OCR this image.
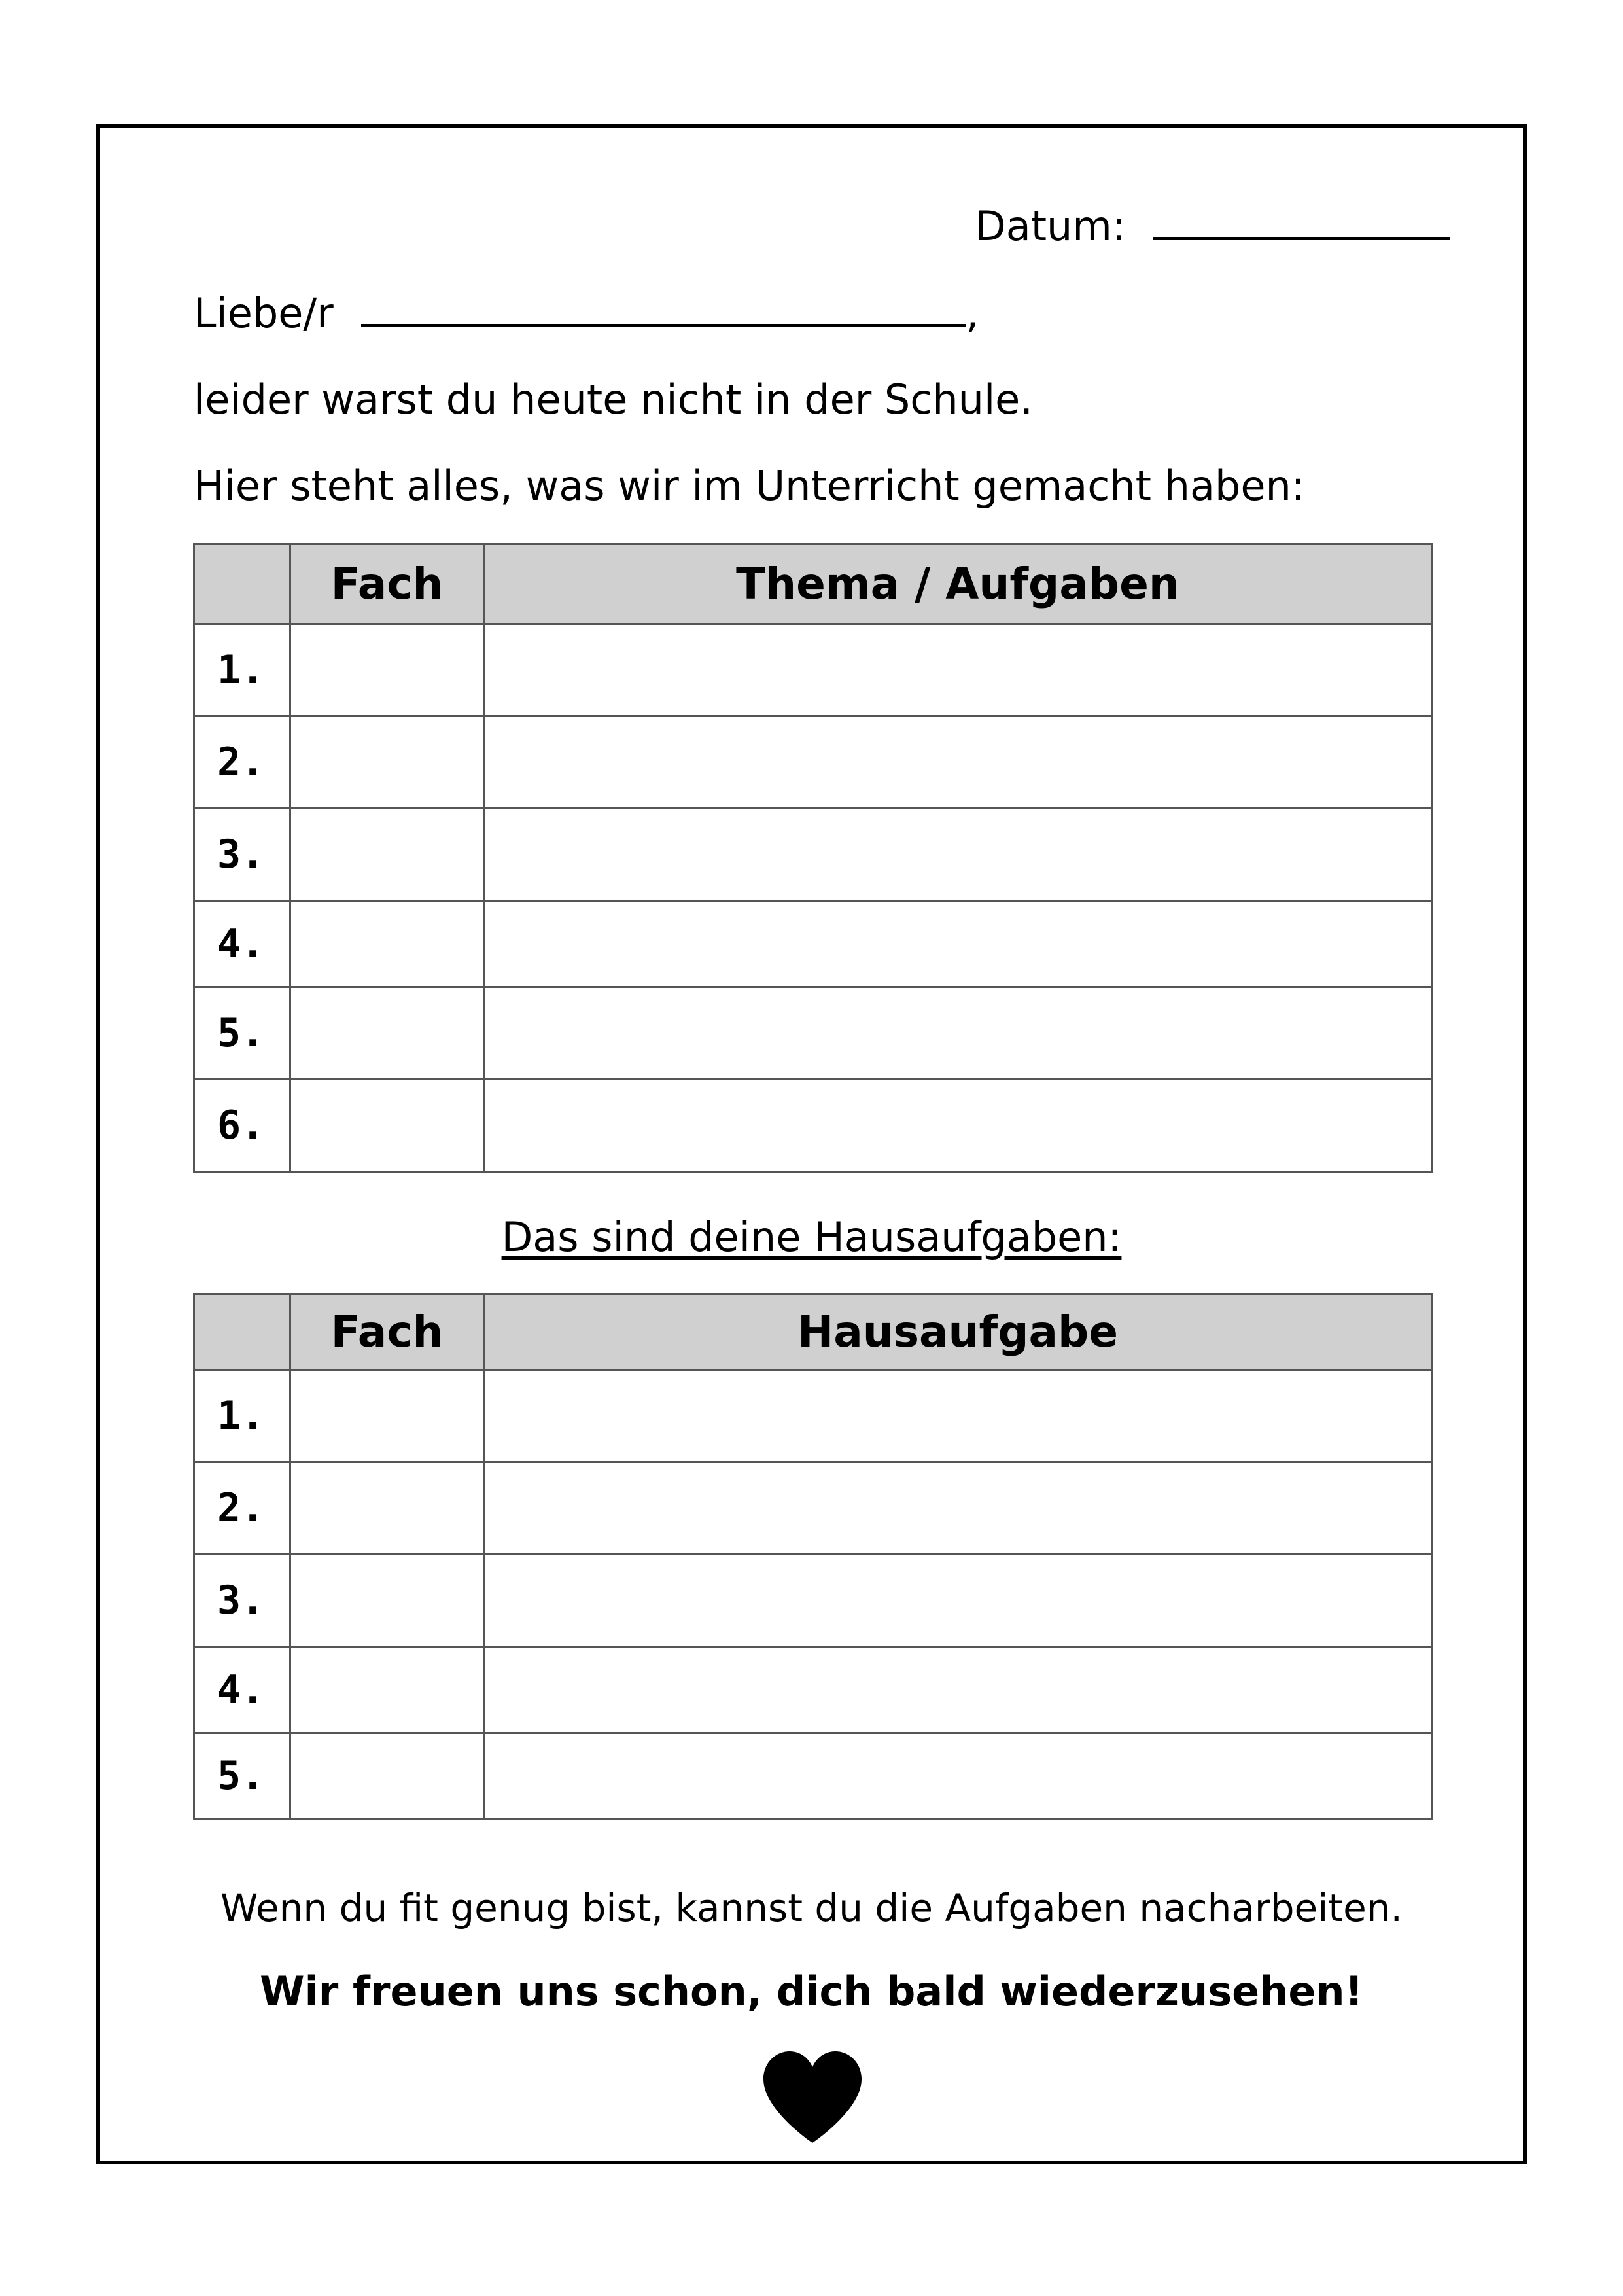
Datum:
Liebe/r	,
leider warst du heute nicht in der Schule.
Hier steht alles, was wir im Unterricht gemacht haben:
	Fach	Thema / Aufgaben
1.		
2.		
3.		
4.		
5.		
6.		
Das sind deine Hausaufgaben:
	Fach	Hausaufgabe
1.		
2.		
3.		
4.		
5.		
Wenn du fit genug bist, kannst du die Aufgaben nacharbeiten.
Wir freuen uns schon, dich bald wiederzusehen!
